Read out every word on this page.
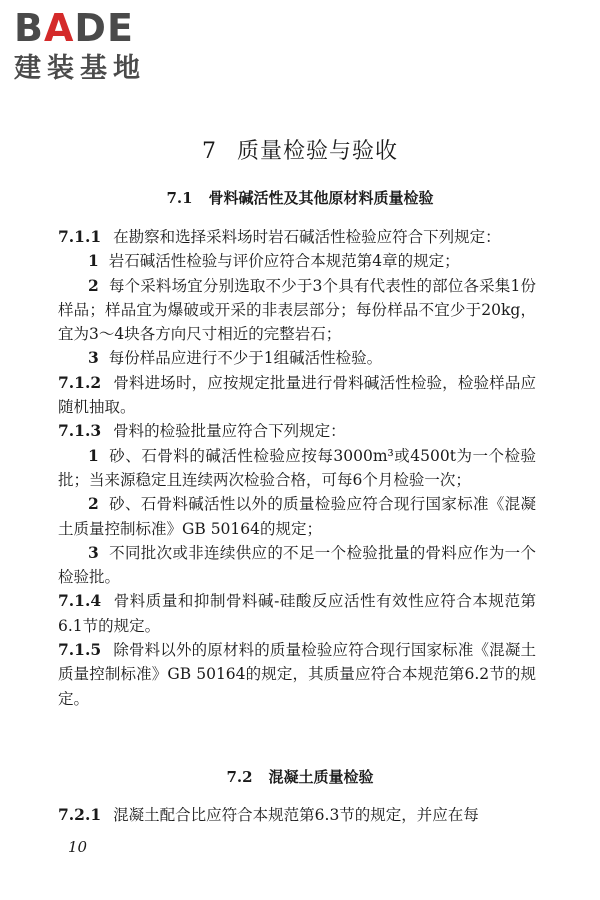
BADE
建装基地
7 质量检验与验收
7.1 骨料碱活性及其他原材料质量检验

7.1.1 在勘察和选择采料场时岩石碱活性检验应符合下列规定：

1 岩石碱活性检验与评价应符合本规范第4章的规定；

2 每个采料场宜分别选取不少于3个具有代表性的部位各采集1份样品；样品宜为爆破或开采的非表层部分；每份样品不宜少于20kg，宜为3～4块各方向尺寸相近的完整岩石；

3 每份样品应进行不少于1组碱活性检验。

7.1.2 骨料进场时，应按规定批量进行骨料碱活性检验，检验样品应随机抽取。

7.1.3 骨料的检验批量应符合下列规定：

1 砂、石骨料的碱活性检验应按每3000m³或4500t为一个检验批；当来源稳定且连续两次检验合格，可每6个月检验一次；

2 砂、石骨料碱活性以外的质量检验应符合现行国家标准《混凝土质量控制标准》GB 50164的规定；

3 不同批次或非连续供应的不足一个检验批量的骨料应作为一个检验批。

7.1.4 骨料质量和抑制骨料碱-硅酸反应活性有效性应符合本规范第6.1节的规定。

7.1.5 除骨料以外的原材料的质量检验应符合现行国家标准《混凝土质量控制标准》GB 50164的规定，其质量应符合本规范第6.2节的规定。

7.2 混凝土质量检验

7.2.1 混凝土配合比应符合本规范第6.3节的规定，并应在每

10
